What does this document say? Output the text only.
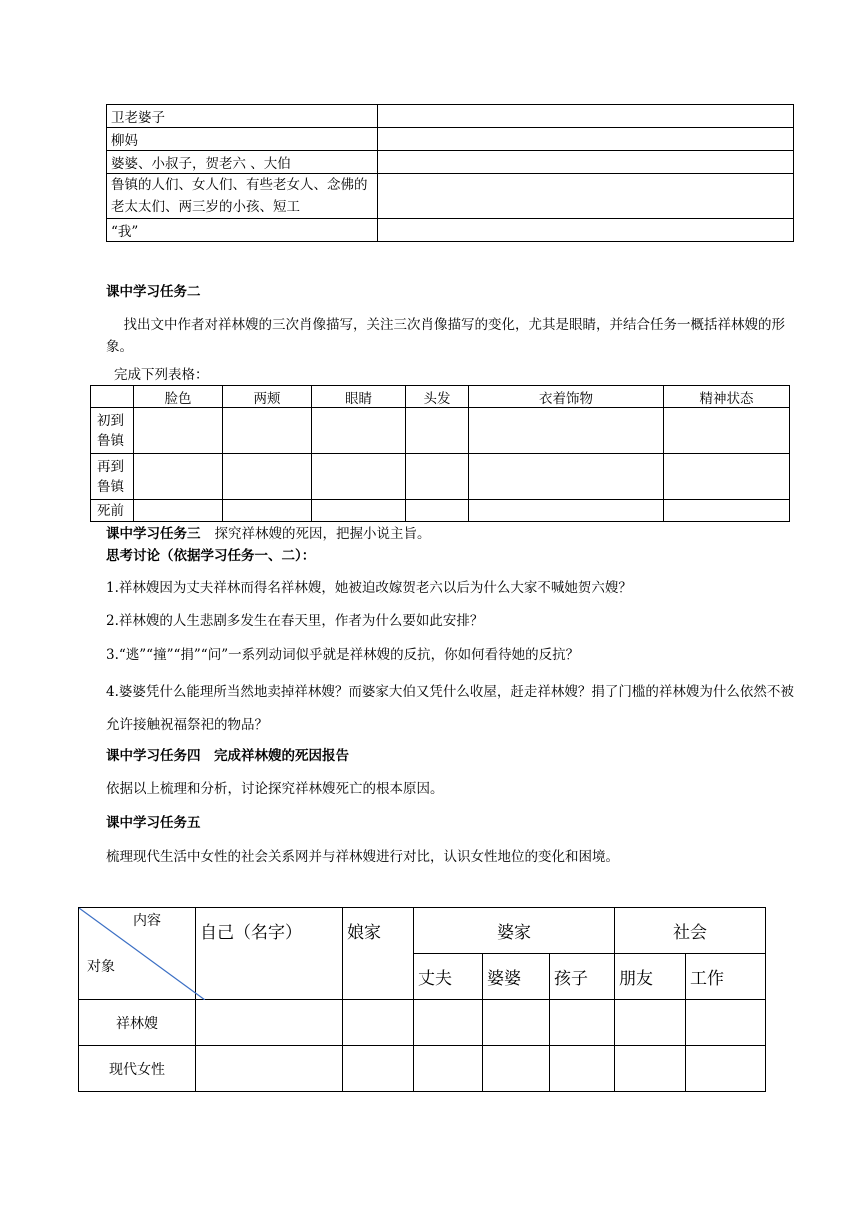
卫老婆子	
柳妈	
婆婆、小叔子，贺老六 、大伯	
鲁镇的人们、女人们、有些老女人、念佛的老太太们、两三岁的小孩、短工	
“我”	
课中学习任务二
找出文中作者对祥林嫂的三次肖像描写，关注三次肖像描写的变化，尤其是眼睛，并结合任务一概括祥林嫂的形象。
完成下列表格：
	脸色	两颊	眼睛	头发	衣着饰物	精神状态
初到鲁镇						
再到鲁镇						
死前						
课中学习任务三 探究祥林嫂的死因，把握小说主旨。
思考讨论（依据学习任务一、二）：
1.祥林嫂因为丈夫祥林而得名祥林嫂，她被迫改嫁贺老六以后为什么大家不喊她贺六嫂？
2.祥林嫂的人生悲剧多发生在春天里，作者为什么要如此安排？
3.“逃”“撞”“捐”“问”一系列动词似乎就是祥林嫂的反抗，你如何看待她的反抗？
4.婆婆凭什么能理所当然地卖掉祥林嫂？而婆家大伯又凭什么收屋，赶走祥林嫂？捐了门槛的祥林嫂为什么依然不被允许接触祝福祭祀的物品？
课中学习任务四　完成祥林嫂的死因报告
依据以上梳理和分析，讨论探究祥林嫂死亡的根本原因。
课中学习任务五
梳理现代生活中女性的社会关系网并与祥林嫂进行对比，认识女性地位的变化和困境。
内容
对象	自己（名字）	娘家	婆家			社会	
			丈夫	婆婆	孩子	朋友	工作
祥林嫂							
现代女性							
